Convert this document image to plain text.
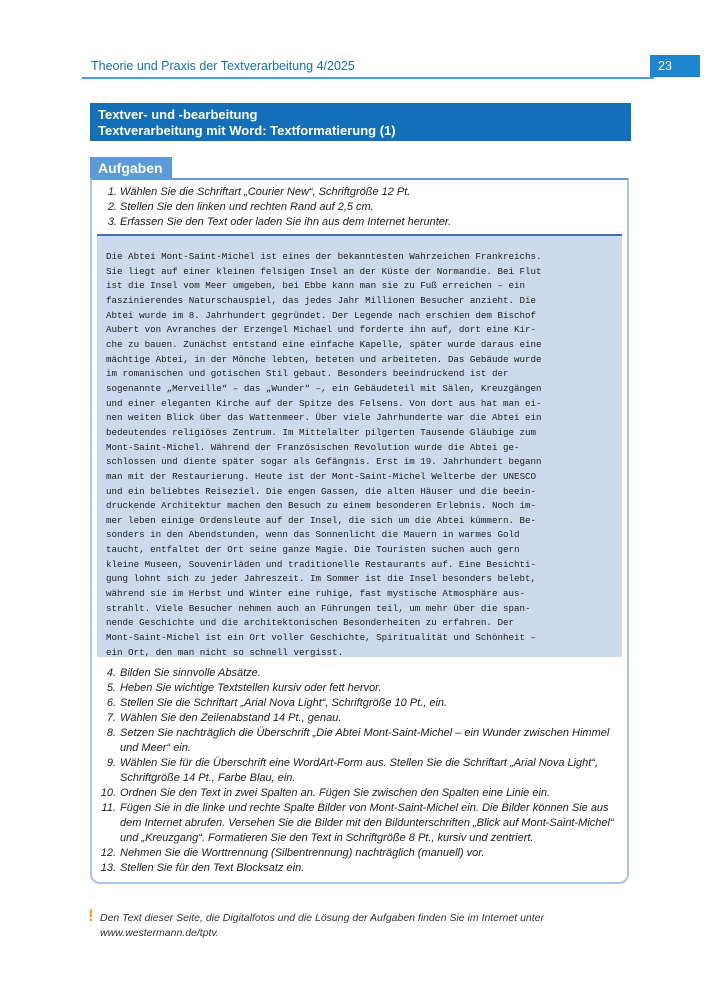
Theorie und Praxis der Textverarbeitung 4/2025	23
Textver- und -bearbeitung
Textverarbeitung mit Word: Textformatierung (1)
Aufgaben
1. Wählen Sie die Schriftart „Courier New“, Schriftgröße 12 Pt.
2. Stellen Sie den linken und rechten Rand auf 2,5 cm.
3. Erfassen Sie den Text oder laden Sie ihn aus dem Internet herunter.
Die Abtei Mont-Saint-Michel ist eines der bekanntesten Wahrzeichen Frankreichs.
Sie liegt auf einer kleinen felsigen Insel an der Küste der Normandie. Bei Flut
ist die Insel vom Meer umgeben, bei Ebbe kann man sie zu Fuß erreichen – ein
faszinierendes Naturschauspiel, das jedes Jahr Millionen Besucher anzieht. Die
Abtei wurde im 8. Jahrhundert gegründet. Der Legende nach erschien dem Bischof
Aubert von Avranches der Erzengel Michael und forderte ihn auf, dort eine Kir-
che zu bauen. Zunächst entstand eine einfache Kapelle, später wurde daraus eine
mächtige Abtei, in der Mönche lebten, beteten und arbeiteten. Das Gebäude wurde
im romanischen und gotischen Stil gebaut. Besonders beeindruckend ist der
sogenannte „Merveille“ – das „Wunder“ –, ein Gebäudeteil mit Sälen, Kreuzgängen
und einer eleganten Kirche auf der Spitze des Felsens. Von dort aus hat man ei-
nen weiten Blick über das Wattenmeer. Über viele Jahrhunderte war die Abtei ein
bedeutendes religiöses Zentrum. Im Mittelalter pilgerten Tausende Gläubige zum
Mont-Saint-Michel. Während der Französischen Revolution wurde die Abtei ge-
schlossen und diente später sogar als Gefängnis. Erst im 19. Jahrhundert begann
man mit der Restaurierung. Heute ist der Mont-Saint-Michel Welterbe der UNESCO
und ein beliebtes Reiseziel. Die engen Gassen, die alten Häuser und die beein-
druckende Architektur machen den Besuch zu einem besonderen Erlebnis. Noch im-
mer leben einige Ordensleute auf der Insel, die sich um die Abtei kümmern. Be-
sonders in den Abendstunden, wenn das Sonnenlicht die Mauern in warmes Gold
taucht, entfaltet der Ort seine ganze Magie. Die Touristen suchen auch gern
kleine Museen, Souvenirläden und traditionelle Restaurants auf. Eine Besichti-
gung lohnt sich zu jeder Jahreszeit. Im Sommer ist die Insel besonders belebt,
während sie im Herbst und Winter eine ruhige, fast mystische Atmosphäre aus-
strahlt. Viele Besucher nehmen auch an Führungen teil, um mehr über die span-
nende Geschichte und die architektonischen Besonderheiten zu erfahren. Der
Mont-Saint-Michel ist ein Ort voller Geschichte, Spiritualität und Schönheit –
ein Ort, den man nicht so schnell vergisst.
4. Bilden Sie sinnvolle Absätze.
5. Heben Sie wichtige Textstellen kursiv oder fett hervor.
6. Stellen Sie die Schriftart „Arial Nova Light“, Schriftgröße 10 Pt., ein.
7. Wählen Sie den Zeilenabstand 14 Pt., genau.
8. Setzen Sie nachträglich die Überschrift „Die Abtei Mont-Saint-Michel – ein Wunder zwischen Himmel und Meer“ ein.
9. Wählen Sie für die Überschrift eine WordArt-Form aus. Stellen Sie die Schriftart „Arial Nova Light“, Schriftgröße 14 Pt., Farbe Blau, ein.
10. Ordnen Sie den Text in zwei Spalten an. Fügen Sie zwischen den Spalten eine Linie ein.
11. Fügen Sie in die linke und rechte Spalte Bilder von Mont-Saint-Michel ein. Die Bilder können Sie aus dem Internet abrufen. Versehen Sie die Bilder mit den Bildunterschriften „Blick auf Mont-Saint-Michel“ und „Kreuzgang“. Formatieren Sie den Text in Schriftgröße 8 Pt., kursiv und zentriert.
12. Nehmen Sie die Worttrennung (Silbentrennung) nachträglich (manuell) vor.
13. Stellen Sie für den Text Blocksatz ein.
! Den Text dieser Seite, die Digitalfotos und die Lösung der Aufgaben finden Sie im Internet unter www.westermann.de/tptv.
